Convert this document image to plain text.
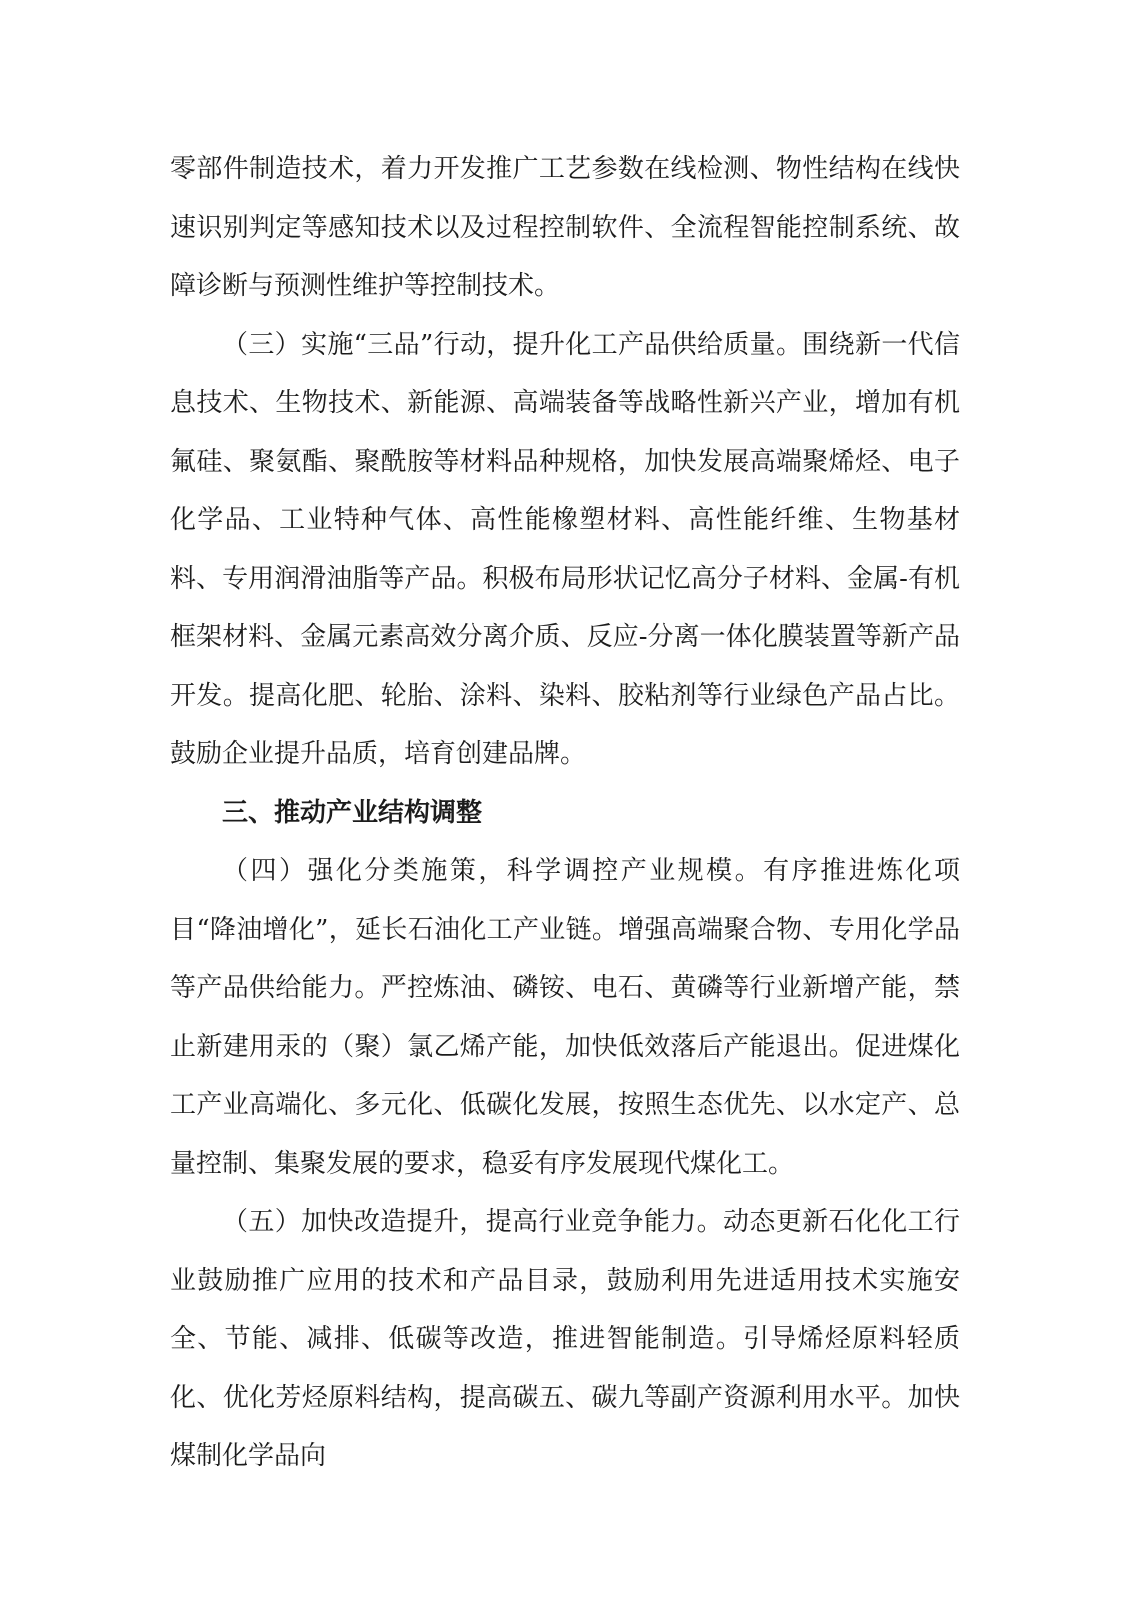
零部件制造技术，着力开发推广工艺参数在线检测、物性结构在线快速识别判定等感知技术以及过程控制软件、全流程智能控制系统、故障诊断与预测性维护等控制技术。

（三）实施“三品”行动，提升化工产品供给质量。围绕新一代信息技术、生物技术、新能源、高端装备等战略性新兴产业，增加有机氟硅、聚氨酯、聚酰胺等材料品种规格，加快发展高端聚烯烃、电子化学品、工业特种气体、高性能橡塑材料、高性能纤维、生物基材料、专用润滑油脂等产品。积极布局形状记忆高分子材料、金属-有机框架材料、金属元素高效分离介质、反应-分离一体化膜装置等新产品开发。提高化肥、轮胎、涂料、染料、胶粘剂等行业绿色产品占比。鼓励企业提升品质，培育创建品牌。

三、推动产业结构调整

（四）强化分类施策，科学调控产业规模。有序推进炼化项目“降油增化”，延长石油化工产业链。增强高端聚合物、专用化学品等产品供给能力。严控炼油、磷铵、电石、黄磷等行业新增产能，禁止新建用汞的（聚）氯乙烯产能，加快低效落后产能退出。促进煤化工产业高端化、多元化、低碳化发展，按照生态优先、以水定产、总量控制、集聚发展的要求，稳妥有序发展现代煤化工。

（五）加快改造提升，提高行业竞争能力。动态更新石化化工行业鼓励推广应用的技术和产品目录，鼓励利用先进适用技术实施安全、节能、减排、低碳等改造，推进智能制造。引导烯烃原料轻质化、优化芳烃原料结构，提高碳五、碳九等副产资源利用水平。加快煤制化学品向
